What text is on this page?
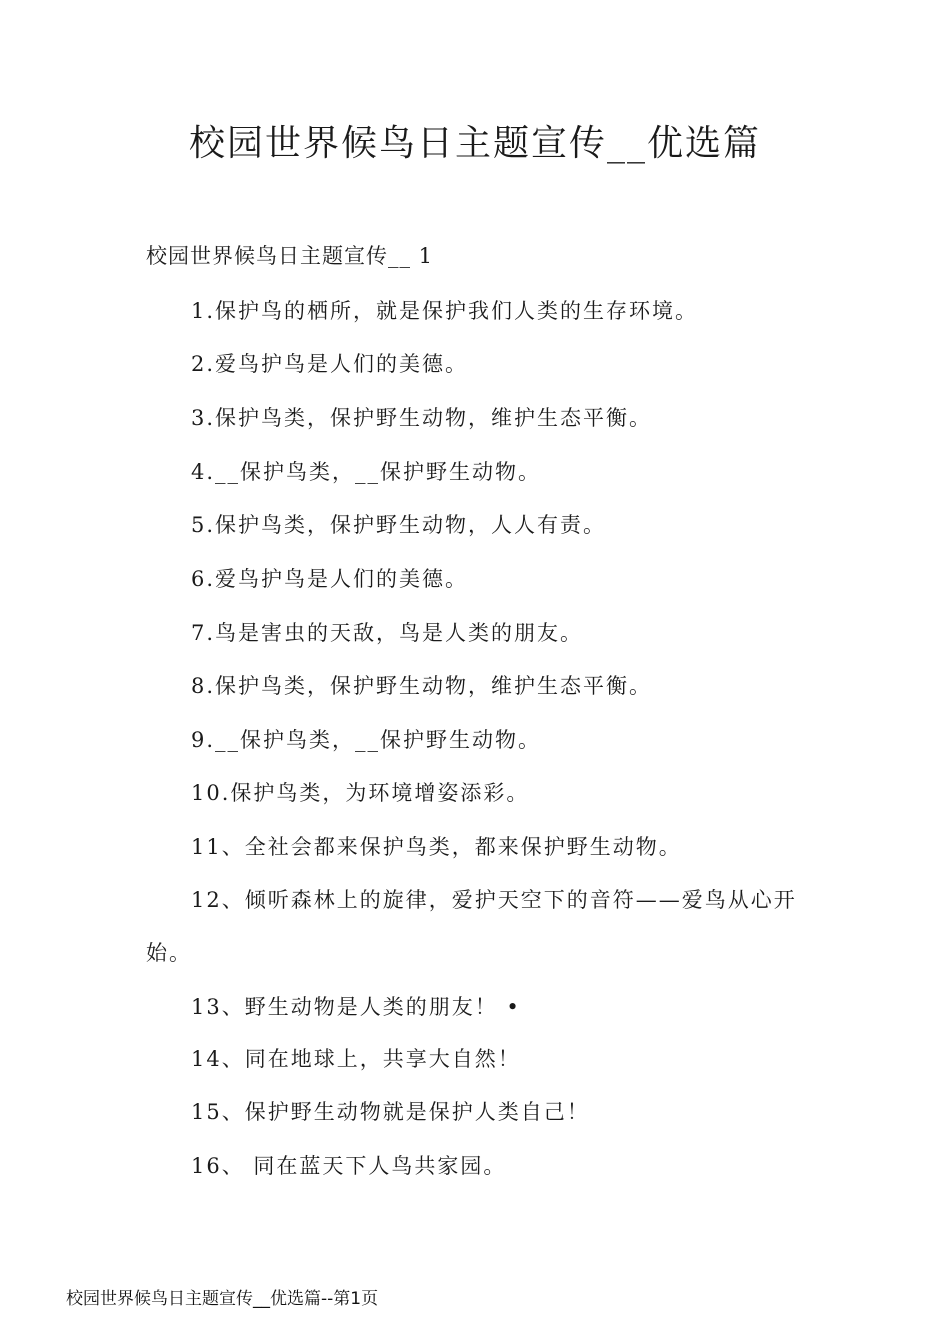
校园世界候鸟日主题宣传__优选篇
校园世界候鸟日主题宣传__ 1
1.保护鸟的栖所，就是保护我们人类的生存环境。
2.爱鸟护鸟是人们的美德。
3.保护鸟类，保护野生动物，维护生态平衡。
4.__保护鸟类，__保护野生动物。
5.保护鸟类，保护野生动物，人人有责。
6.爱鸟护鸟是人们的美德。
7.鸟是害虫的天敌，鸟是人类的朋友。
8.保护鸟类，保护野生动物，维护生态平衡。
9.__保护鸟类，__保护野生动物。
10.保护鸟类，为环境增姿添彩。
11、全社会都来保护鸟类，都来保护野生动物。
12、倾听森林上的旋律，爱护天空下的音符——爱鸟从心开
始。
13、野生动物是人类的朋友！ •
14、同在地球上，共享大自然！
15、保护野生动物就是保护人类自己！
16、 同在蓝天下人鸟共家园。
校园世界候鸟日主题宣传__优选篇--第1页
